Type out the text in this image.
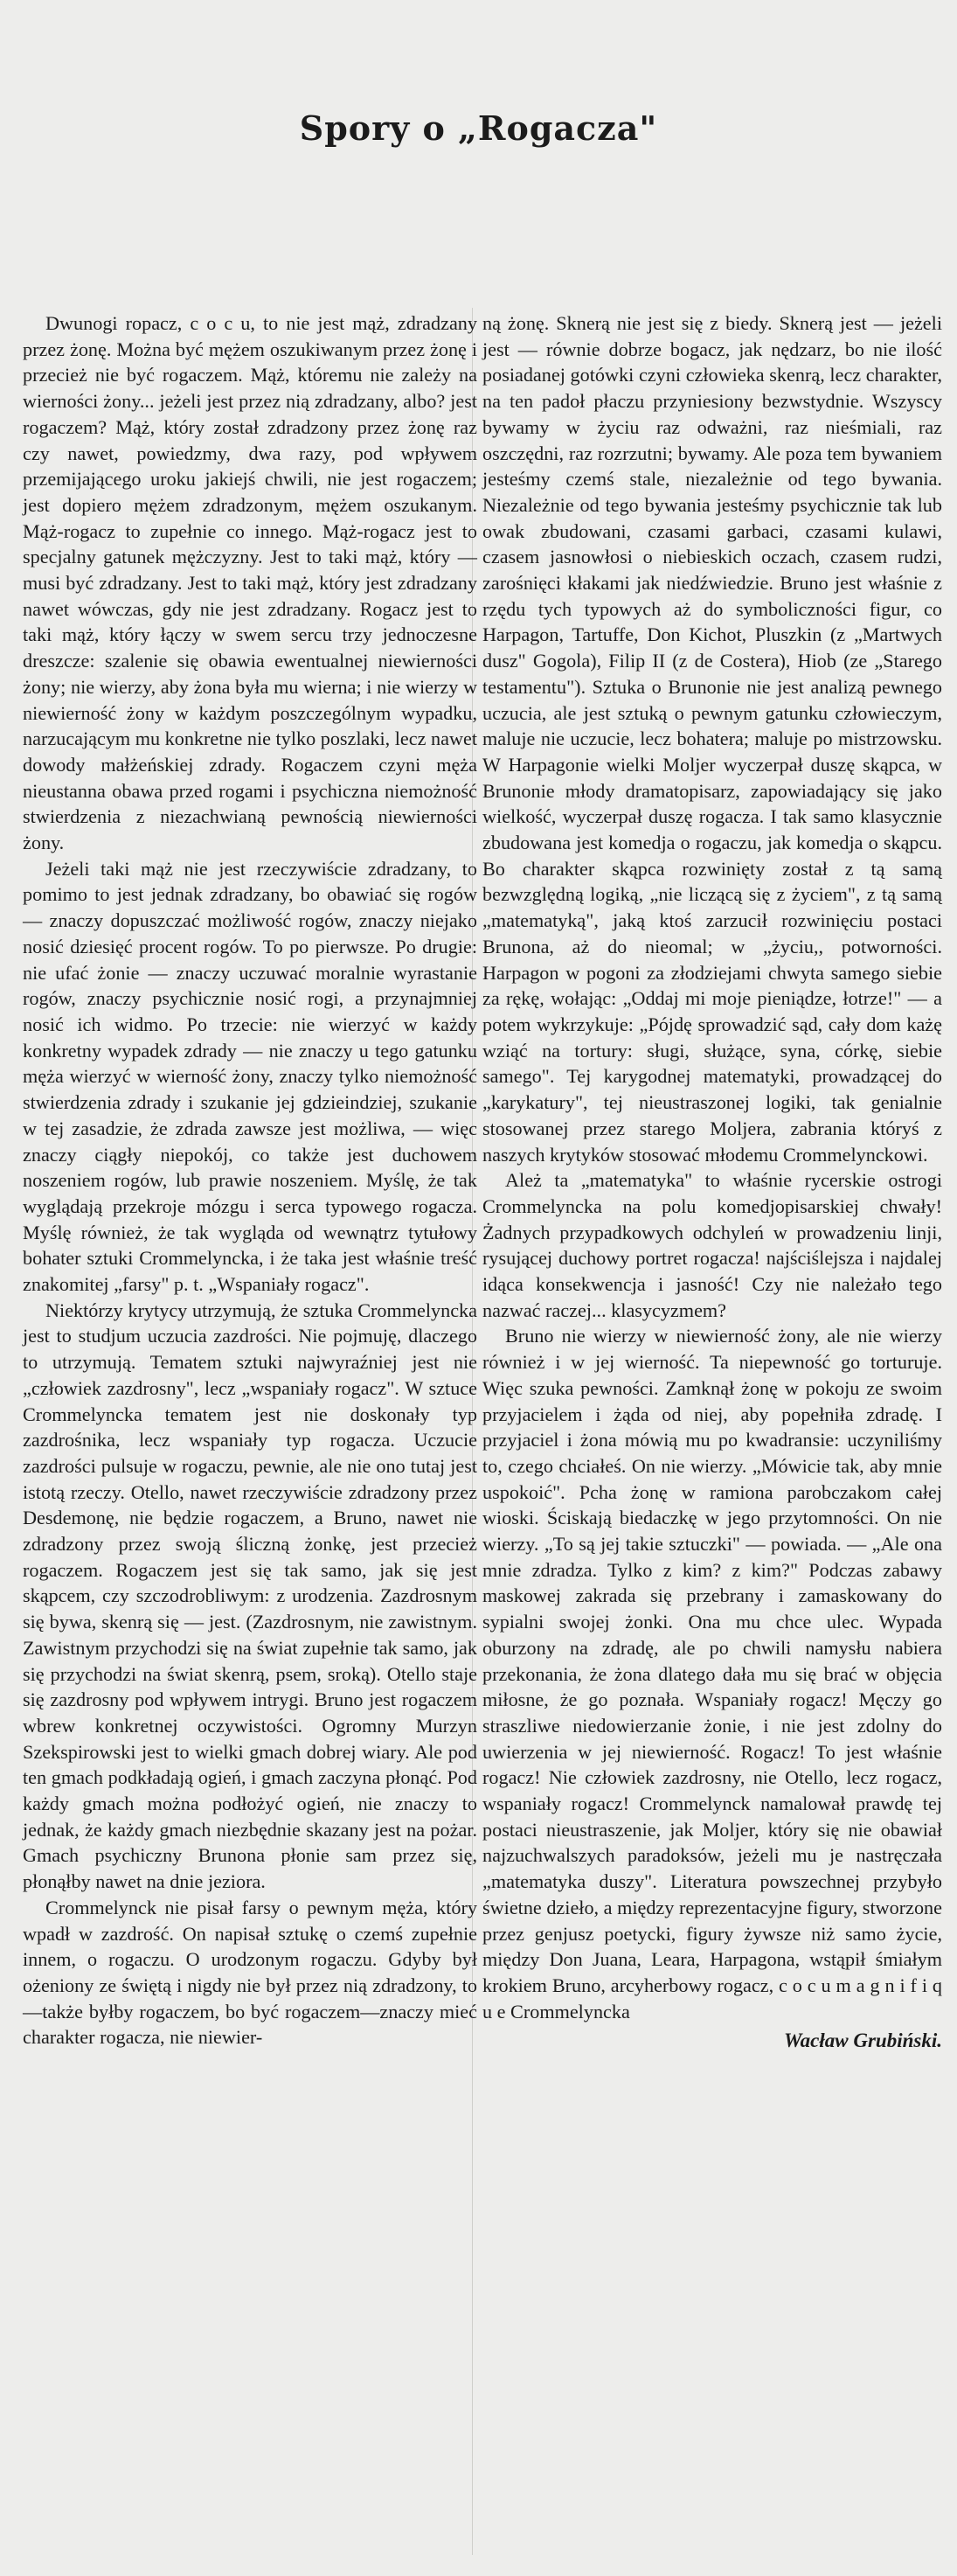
Spory o „Rogacza"

Dwunogi ropacz, c o c u, to nie jest mąż, zdradzany przez żonę. Można być mężem oszukiwanym przez żonę i przecież nie być rogaczem. Mąż, któremu nie zależy na wierności żony... jeżeli jest przez nią zdradzany, albo? jest rogaczem? Mąż, który został zdradzony przez żonę raz czy nawet, powiedzmy, dwa razy, pod wpływem przemijającego uroku jakiejś chwili, nie jest rogaczem; jest dopiero mężem zdradzonym, mężem oszukanym. Mąż-rogacz to zupełnie co innego. Mąż-rogacz jest to specjalny gatunek mężczyzny. Jest to taki mąż, który — musi być zdradzany. Jest to taki mąż, który jest zdradzany nawet wówczas, gdy nie jest zdradzany. Rogacz jest to taki mąż, który łączy w swem sercu trzy jednoczesne dreszcze: szalenie się obawia ewentualnej niewierności żony; nie wierzy, aby żona była mu wierna; i nie wierzy w niewierność żony w każdym poszczególnym wypadku, narzucającym mu konkretne nie tylko poszlaki, lecz nawet dowody małżeńskiej zdrady. Rogaczem czyni męża nieustanna obawa przed rogami i psychiczna niemożność stwierdzenia z niezachwianą pewnością niewierności żony.

Jeżeli taki mąż nie jest rzeczywiście zdradzany, to pomimo to jest jednak zdradzany, bo obawiać się rogów — znaczy dopuszczać możliwość rogów, znaczy niejako nosić dziesięć procent rogów. To po pierwsze. Po drugie: nie ufać żonie — znaczy uczuwać moralnie wyrastanie rogów, znaczy psychicznie nosić rogi, a przynajmniej nosić ich widmo. Po trzecie: nie wierzyć w każdy konkretny wypadek zdrady — nie znaczy u tego gatunku męża wierzyć w wierność żony, znaczy tylko niemożność stwierdzenia zdrady i szukanie jej gdzieindziej, szukanie w tej zasadzie, że zdrada zawsze jest możliwa, — więc znaczy ciągły niepokój, co także jest duchowem noszeniem rogów, lub prawie noszeniem. Myślę, że tak wyglądają przekroje mózgu i serca typowego rogacza. Myślę również, że tak wygląda od wewnątrz tytułowy bohater sztuki Crommelyncka, i że taka jest właśnie treść znakomitej „farsy" p. t. „Wspaniały rogacz".

Niektórzy krytycy utrzymują, że sztuka Crommelyncka jest to studjum uczucia zazdrości. Nie pojmuję, dlaczego to utrzymują. Tematem sztuki najwyraźniej jest nie „człowiek zazdrosny", lecz „wspaniały rogacz". W sztuce Crommelyncka tematem jest nie doskonały typ zazdrośnika, lecz wspaniały typ rogacza. Uczucie zazdrości pulsuje w rogaczu, pewnie, ale nie ono tutaj jest istotą rzeczy. Otello, nawet rzeczywiście zdradzony przez Desdemonę, nie będzie rogaczem, a Bruno, nawet nie zdradzony przez swoją śliczną żonkę, jest przecież rogaczem. Rogaczem jest się tak samo, jak się jest skąpcem, czy szczodrobliwym: z urodzenia. Zazdrosnym się bywa, skenrą się — jest. (Zazdrosnym, nie zawistnym. Zawistnym przychodzi się na świat zupełnie tak samo, jak się przychodzi na świat skenrą, psem, sroką). Otello staje się zazdrosny pod wpływem intrygi. Bruno jest rogaczem wbrew konkretnej oczywistości. Ogromny Murzyn Szekspirowski jest to wielki gmach dobrej wiary. Ale pod ten gmach podkładają ogień, i gmach zaczyna płonąć. Pod każdy gmach można podłożyć ogień, nie znaczy to jednak, że każdy gmach niezbędnie skazany jest na pożar. Gmach psychiczny Brunona płonie sam przez się, płonąłby nawet na dnie jeziora.

Crommelynck nie pisał farsy o pewnym męża, który wpadł w zazdrość. On napisał sztukę o czemś zupełnie innem, o rogaczu. O urodzonym rogaczu. Gdyby był ożeniony ze świętą i nigdy nie był przez nią zdradzony, to —także byłby rogaczem, bo być rogaczem—znaczy mieć charakter rogacza, nie niewier-

ną żonę. Sknerą nie jest się z biedy. Sknerą jest — jeżeli jest — równie dobrze bogacz, jak nędzarz, bo nie ilość posiadanej gotówki czyni człowieka skenrą, lecz charakter, na ten padoł płaczu przyniesiony bezwstydnie. Wszyscy bywamy w życiu raz odważni, raz nieśmiali, raz oszczędni, raz rozrzutni; bywamy. Ale poza tem bywaniem jesteśmy czemś stale, niezależnie od tego bywania. Niezależnie od tego bywania jesteśmy psychicznie tak lub owak zbudowani, czasami garbaci, czasami kulawi, czasem jasnowłosi o niebieskich oczach, czasem rudzi, zarośnięci kłakami jak niedźwiedzie. Bruno jest właśnie z rzędu tych typowych aż do symboliczności figur, co Harpagon, Tartuffe, Don Kichot, Pluszkin (z „Martwych dusz" Gogola), Filip II (z de Costera), Hiob (ze „Starego testamentu"). Sztuka o Brunonie nie jest analizą pewnego uczucia, ale jest sztuką o pewnym gatunku człowieczym, maluje nie uczucie, lecz bohatera; maluje po mistrzowsku. W Harpagonie wielki Moljer wyczerpał duszę skąpca, w Brunonie młody dramatopisarz, zapowiadający się jako wielkość, wyczerpał duszę rogacza. I tak samo klasycznie zbudowana jest komedja o rogaczu, jak komedja o skąpcu. Bo charakter skąpca rozwinięty został z tą samą bezwzględną logiką, „nie liczącą się z życiem", z tą samą „matematyką", jaką ktoś zarzucił rozwinięciu postaci Brunona, aż do nieomal; w „życiu,, potworności. Harpagon w pogoni za złodziejami chwyta samego siebie za rękę, wołając: „Oddaj mi moje pieniądze, łotrze!" — a potem wykrzykuje: „Pójdę sprowadzić sąd, cały dom każę wziąć na tortury: sługi, służące, syna, córkę, siebie samego". Tej karygodnej matematyki, prowadzącej do „karykatury", tej nieustraszonej logiki, tak genialnie stosowanej przez starego Moljera, zabrania któryś z naszych krytyków stosować młodemu Crommelynckowi.

Ależ ta „matematyka" to właśnie rycerskie ostrogi Crommelyncka na polu komedjopisarskiej chwały! Żadnych przypadkowych odchyleń w prowadzeniu linji, rysującej duchowy portret rogacza! najściślejsza i najdalej idąca konsekwencja i jasność! Czy nie należało tego nazwać raczej... klasycyzmem?

Bruno nie wierzy w niewierność żony, ale nie wierzy również i w jej wierność. Ta niepewność go torturuje. Więc szuka pewności. Zamknął żonę w pokoju ze swoim przyjacielem i żąda od niej, aby popełniła zdradę. I przyjaciel i żona mówią mu po kwadransie: uczyniliśmy to, czego chciałeś. On nie wierzy. „Mówicie tak, aby mnie uspokoić". Pcha żonę w ramiona parobczakom całej wioski. Ściskają biedaczkę w jego przytomności. On nie wierzy. „To są jej takie sztuczki" — powiada. — „Ale ona mnie zdradza. Tylko z kim? z kim?" Podczas zabawy maskowej zakrada się przebrany i zamaskowany do sypialni swojej żonki. Ona mu chce ulec. Wypada oburzony na zdradę, ale po chwili namysłu nabiera przekonania, że żona dlatego dała mu się brać w objęcia miłosne, że go poznała. Wspaniały rogacz! Męczy go straszliwe niedowierzanie żonie, i nie jest zdolny do uwierzenia w jej niewierność. Rogacz! To jest właśnie rogacz! Nie człowiek zazdrosny, nie Otello, lecz rogacz, wspaniały rogacz! Crommelynck namalował prawdę tej postaci nieustraszenie, jak Moljer, który się nie obawiał najzuchwalszych paradoksów, jeżeli mu je nastręczała „matematyka duszy". Literatura powszechnej przybyło świetne dzieło, a między reprezentacyjne figury, stworzone przez genjusz poetycki, figury żywsze niż samo życie, między Don Juana, Leara, Harpagona, wstąpił śmiałym krokiem Bruno, arcyherbowy rogacz, c o c u m a g n i f i q u e Crommelyncka

Wacław Grubiński.
